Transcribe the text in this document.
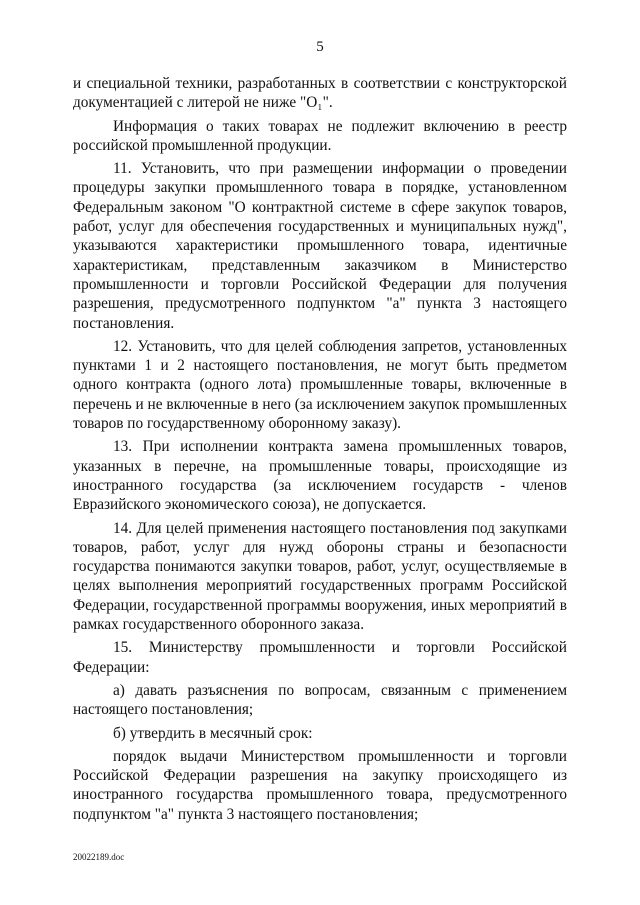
5

и специальной техники, разработанных в соответствии с конструкторской документацией с литерой не ниже "O₁".

Информация о таких товарах не подлежит включению в реестр российской промышленной продукции.

11. Установить, что при размещении информации о проведении процедуры закупки промышленного товара в порядке, установленном Федеральным законом "О контрактной системе в сфере закупок товаров, работ, услуг для обеспечения государственных и муниципальных нужд", указываются характеристики промышленного товара, идентичные характеристикам, представленным заказчиком в Министерство промышленности и торговли Российской Федерации для получения разрешения, предусмотренного подпунктом "а" пункта 3 настоящего постановления.

12. Установить, что для целей соблюдения запретов, установленных пунктами 1 и 2 настоящего постановления, не могут быть предметом одного контракта (одного лота) промышленные товары, включенные в перечень и не включенные в него (за исключением закупок промышленных товаров по государственному оборонному заказу).

13. При исполнении контракта замена промышленных товаров, указанных в перечне, на промышленные товары, происходящие из иностранного государства (за исключением государств - членов Евразийского экономического союза), не допускается.

14. Для целей применения настоящего постановления под закупками товаров, работ, услуг для нужд обороны страны и безопасности государства понимаются закупки товаров, работ, услуг, осуществляемые в целях выполнения мероприятий государственных программ Российской Федерации, государственной программы вооружения, иных мероприятий в рамках государственного оборонного заказа.

15. Министерству промышленности и торговли Российской Федерации:

а) давать разъяснения по вопросам, связанным с применением настоящего постановления;

б) утвердить в месячный срок:

порядок выдачи Министерством промышленности и торговли Российской Федерации разрешения на закупку происходящего из иностранного государства промышленного товара, предусмотренного подпунктом "а" пункта 3 настоящего постановления;

20022189.doc
